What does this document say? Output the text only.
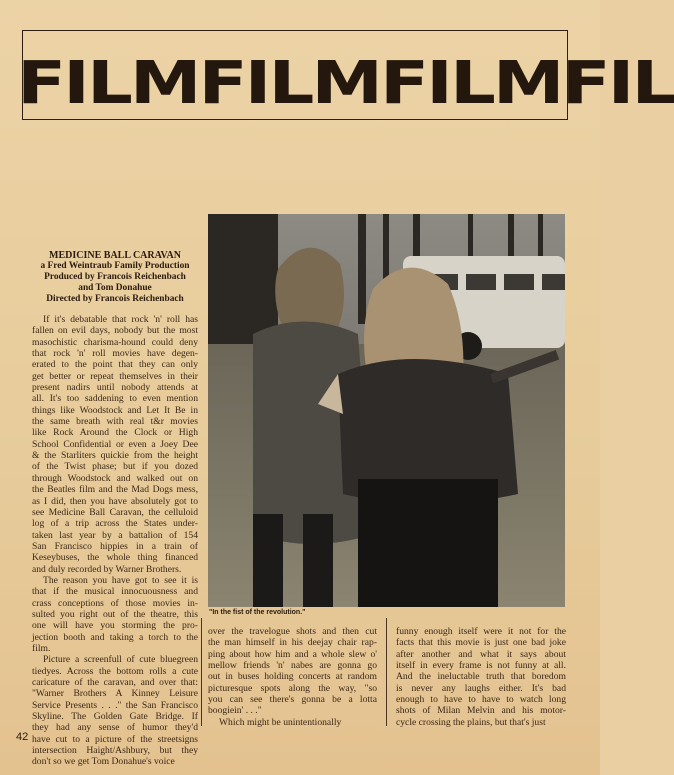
FILMFILMFILMFIL
MEDICINE BALL CARAVAN
a Fred Weintraub Family Production
Produced by Francois Reichenbach
and Tom Donahue
Directed by Francois Reichenbach
"In the fist of the revolution."
If it's debatable that rock 'n' roll has
fallen on evil days, nobody but the most
masochistic charisma-hound could deny
that rock 'n' roll movies have degen-
erated to the point that they can only
get better or repeat themselves in their
present nadirs until nobody attends at
all. It's too saddening to even mention
things like Woodstock and Let It Be in
the same breath with real t&r movies
like Rock Around the Clock or High
School Confidential or even a Joey Dee
& the Starliters quickie from the height
of the Twist phase; but if you dozed
through Woodstock and walked out on
the Beatles film and the Mad Dogs mess,
as I did, then you have absolutely got to
see Medicine Ball Caravan, the celluloid
log of a trip across the States under-
taken last year by a battalion of 154
San Francisco hippies in a train of
Keseybuses, the whole thing financed
and duly recorded by Warner Brothers.
The reason you have got to see it is
that if the musical innocuousness and
crass conceptions of those movies in-
sulted you right out of the theatre, this
one will have you storming the pro-
jection booth and taking a torch to the
film.
Picture a screenfull of cute bluegreen
tiedyes. Across the bottom rolls a cute
caricature of the caravan, and over that:
"Warner Brothers A Kinney Leisure
Service Presents . . ." the San Francisco
Skyline. The Golden Gate Bridge. If
they had any sense of humor they'd
have cut to a picture of the streetsigns
intersection Haight/Ashbury, but they
don't so we get Tom Donahue's voice
over the travelogue shots and then cut
the man himself in his deejay chair rap-
ping about how him and a whole slew o'
mellow friends 'n' nabes are gonna go
out in buses holding concerts at random
picturesque spots along the way, "so
you can see there's gonna be a lotta
boogiein' . . ."
Which might be unintentionally
funny enough itself were it not for the
facts that this movie is just one bad joke
after another and what it says about
itself in every frame is not funny at all.
And the ineluctable truth that boredom
is never any laughs either. It's bad
enough to have to have to watch long
shots of Milan Melvin and his motor-
cycle crossing the plains, but that's just
42
